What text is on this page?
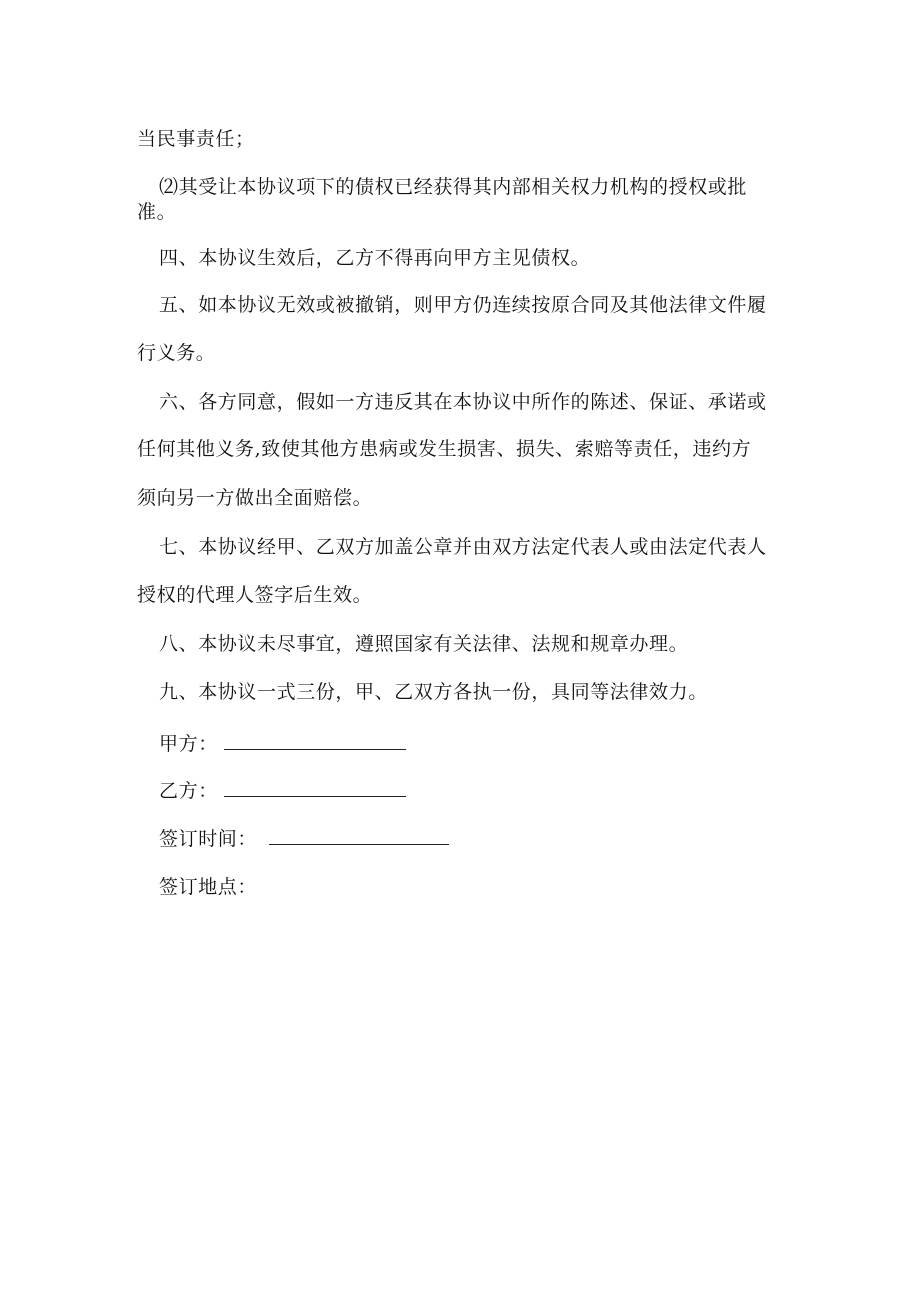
当民事责任；
⑵其受让本协议项下的债权已经获得其内部相关权力机构的授权或批
准。
四、本协议生效后，乙方不得再向甲方主见债权。
五、如本协议无效或被撤销，则甲方仍连续按原合同及其他法律文件履
行义务。
六、各方同意，假如一方违反其在本协议中所作的陈述、保证、承诺或
任何其他义务,致使其他方患病或发生损害、损失、索赔等责任，违约方
须向另一方做出全面赔偿。
七、本协议经甲、乙双方加盖公章并由双方法定代表人或由法定代表人
授权的代理人签字后生效。
八、本协议未尽事宜，遵照国家有关法律、法规和规章办理。
九、本协议一式三份，甲、乙双方各执一份，具同等法律效力。
甲方：
乙方：
签订时间：
签订地点：
